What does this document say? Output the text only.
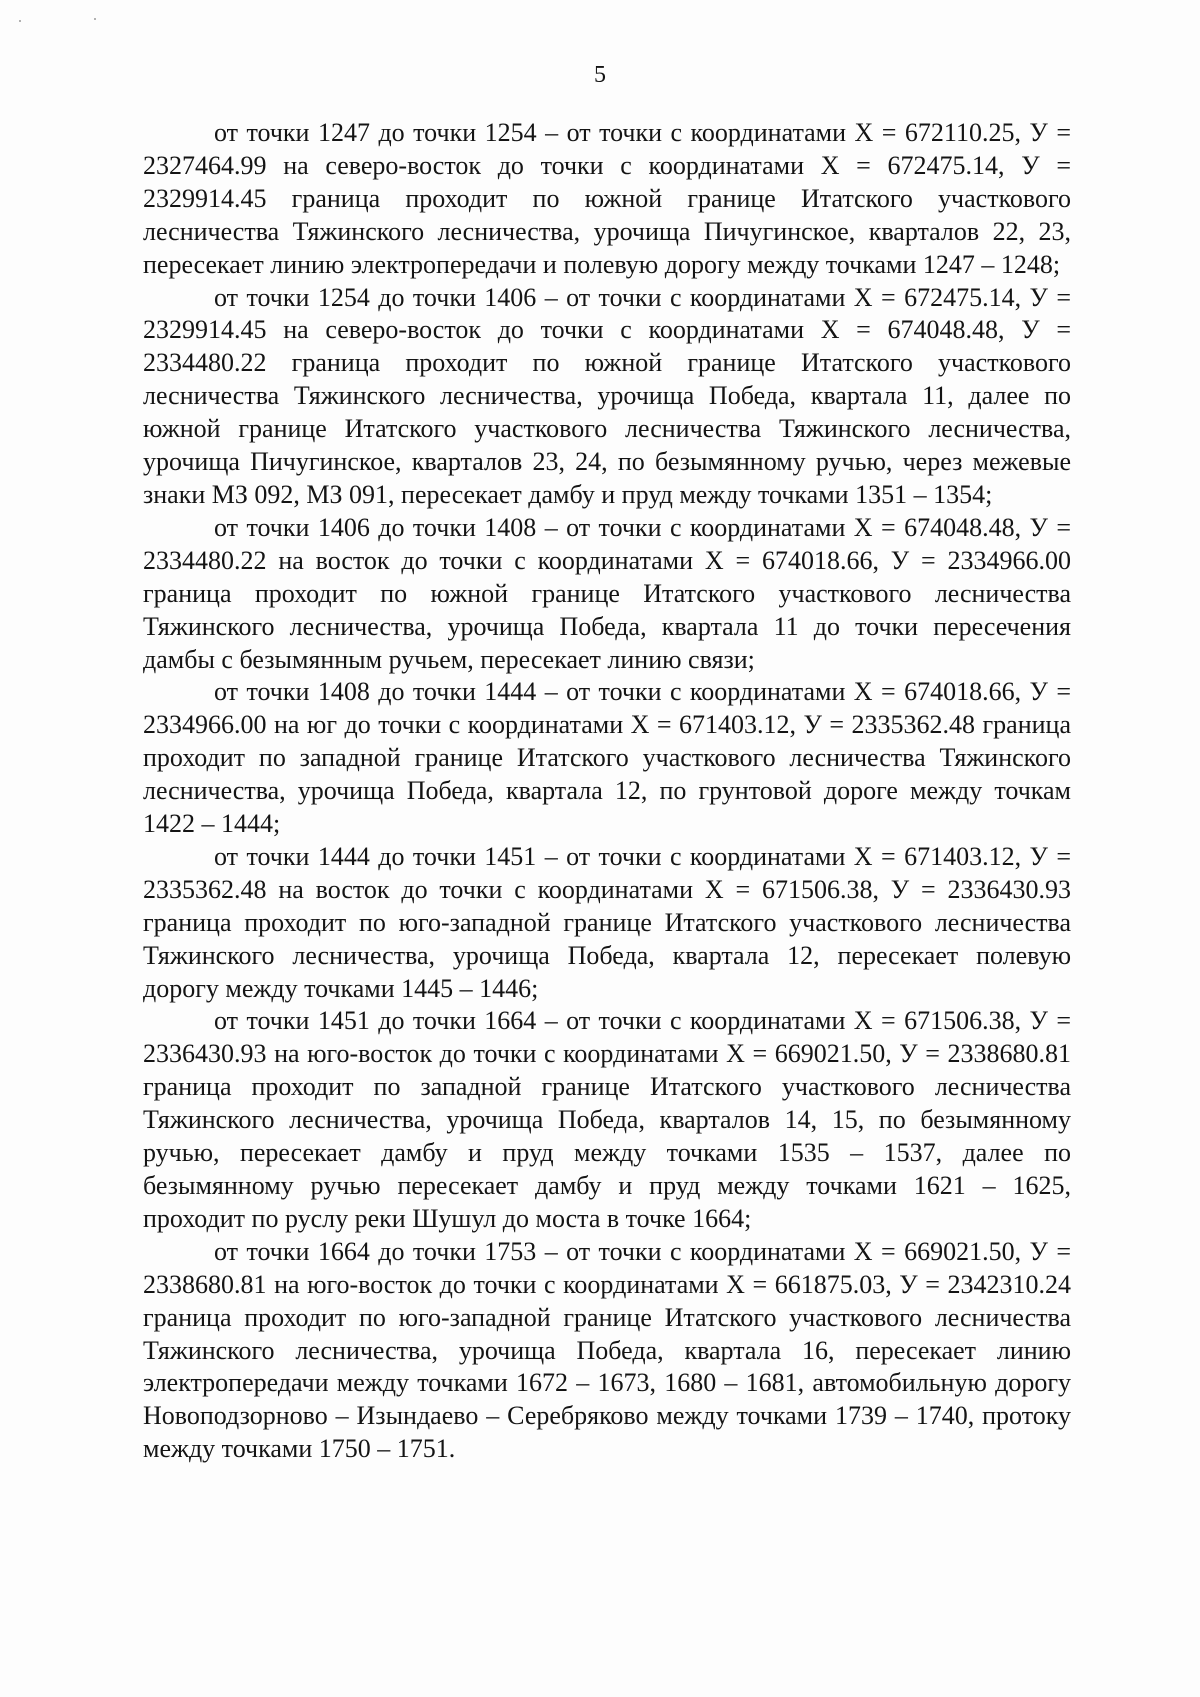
5

от точки 1247 до точки 1254 – от точки с координатами Х = 672110.25, У = 2327464.99 на северо-восток до точки с координатами Х = 672475.14, У = 2329914.45 граница проходит по южной границе Итатского участкового лесничества Тяжинского лесничества, урочища Пичугинское, кварталов 22, 23, пересекает линию электропередачи и полевую дорогу между точками 1247 – 1248;

от точки 1254 до точки 1406 – от точки с координатами Х = 672475.14, У = 2329914.45 на северо-восток до точки с координатами Х = 674048.48, У = 2334480.22 граница проходит по южной границе Итатского участкового лесничества Тяжинского лесничества, урочища Победа, квартала 11, далее по южной границе Итатского участкового лесничества Тяжинского лесничества, урочища Пичугинское, кварталов 23, 24, по безымянному ручью, через межевые знаки МЗ 092, МЗ 091, пересекает дамбу и пруд между точками 1351 – 1354;

от точки 1406 до точки 1408 – от точки с координатами Х = 674048.48, У = 2334480.22 на восток до точки с координатами Х = 674018.66, У = 2334966.00 граница проходит по южной границе Итатского участкового лесничества Тяжинского лесничества, урочища Победа, квартала 11 до точки пересечения дамбы с безымянным ручьем, пересекает линию связи;

от точки 1408 до точки 1444 – от точки с координатами Х = 674018.66, У = 2334966.00 на юг до точки с координатами Х = 671403.12, У = 2335362.48 граница проходит по западной границе Итатского участкового лесничества Тяжинского лесничества, урочища Победа, квартала 12, по грунтовой дороге между точкам 1422 – 1444;

от точки 1444 до точки 1451 – от точки с координатами Х = 671403.12, У = 2335362.48 на восток до точки с координатами Х = 671506.38, У = 2336430.93 граница проходит по юго-западной границе Итатского участкового лесничества Тяжинского лесничества, урочища Победа, квартала 12, пересекает полевую дорогу между точками 1445 – 1446;

от точки 1451 до точки 1664 – от точки с координатами Х = 671506.38, У = 2336430.93 на юго-восток до точки с координатами Х = 669021.50, У = 2338680.81 граница проходит по западной границе Итатского участкового лесничества Тяжинского лесничества, урочища Победа, кварталов 14, 15, по безымянному ручью, пересекает дамбу и пруд между точками 1535 – 1537, далее по безымянному ручью пересекает дамбу и пруд между точками 1621 – 1625, проходит по руслу реки Шушул до моста в точке 1664;

от точки 1664 до точки 1753 – от точки с координатами Х = 669021.50, У = 2338680.81 на юго-восток до точки с координатами Х = 661875.03, У = 2342310.24 граница проходит по юго-западной границе Итатского участкового лесничества Тяжинского лесничества, урочища Победа, квартала 16, пересекает линию электропередачи между точками 1672 – 1673, 1680 – 1681, автомобильную дорогу Новоподзорново – Изындаево – Серебряково между точками 1739 – 1740, протоку между точками 1750 – 1751.
